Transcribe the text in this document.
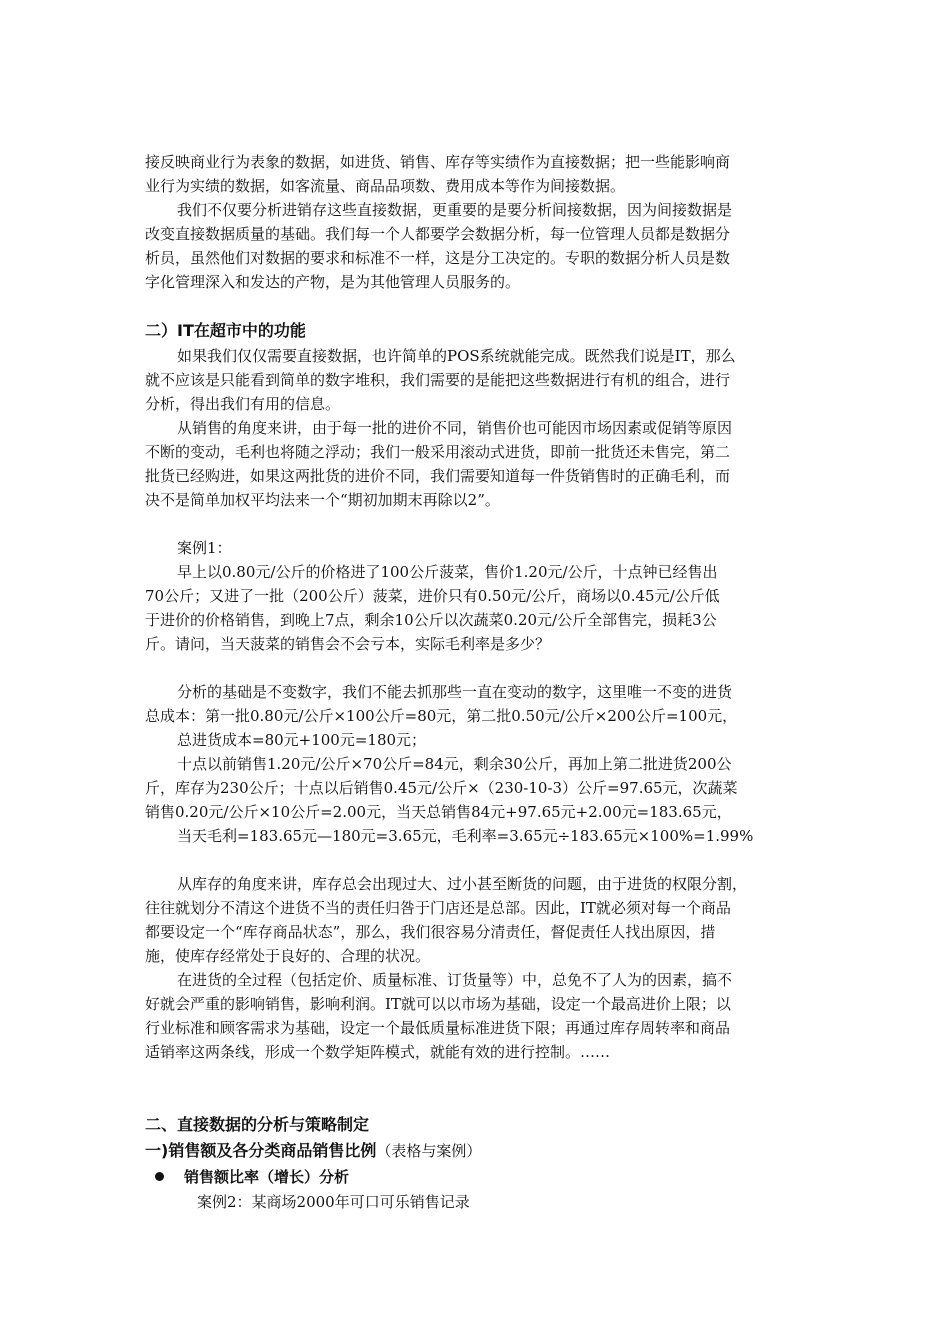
接反映商业行为表象的数据，如进货、销售、库存等实绩作为直接数据；把一些能影响商
业行为实绩的数据，如客流量、商品品项数、费用成本等作为间接数据。
我们不仅要分析进销存这些直接数据，更重要的是要分析间接数据，因为间接数据是
改变直接数据质量的基础。我们每一个人都要学会数据分析，每一位管理人员都是数据分
析员，虽然他们对数据的要求和标准不一样，这是分工决定的。专职的数据分析人员是数
字化管理深入和发达的产物，是为其他管理人员服务的。
二）IT在超市中的功能
如果我们仅仅需要直接数据，也许简单的POS系统就能完成。既然我们说是IT，那么
就不应该是只能看到简单的数字堆积，我们需要的是能把这些数据进行有机的组合，进行
分析，得出我们有用的信息。
从销售的角度来讲，由于每一批的进价不同，销售价也可能因市场因素或促销等原因
不断的变动，毛利也将随之浮动；我们一般采用滚动式进货，即前一批货还未售完，第二
批货已经购进，如果这两批货的进价不同，我们需要知道每一件货销售时的正确毛利，而
决不是简单加权平均法来一个“期初加期末再除以2”。
案例1：
早上以0.80元/公斤的价格进了100公斤菠菜，售价1.20元/公斤，十点钟已经售出
70公斤；又进了一批（200公斤）菠菜，进价只有0.50元/公斤，商场以0.45元/公斤低
于进价的价格销售，到晚上7点，剩余10公斤以次蔬菜0.20元/公斤全部售完，损耗3公
斤。请问，当天菠菜的销售会不会亏本，实际毛利率是多少？
分析的基础是不变数字，我们不能去抓那些一直在变动的数字，这里唯一不变的进货
总成本：第一批0.80元/公斤×100公斤=80元，第二批0.50元/公斤×200公斤=100元，
总进货成本=80元+100元=180元；
十点以前销售1.20元/公斤×70公斤=84元，剩余30公斤，再加上第二批进货200公
斤，库存为230公斤；十点以后销售0.45元/公斤×（230-10-3）公斤=97.65元，次蔬菜
销售0.20元/公斤×10公斤=2.00元，当天总销售84元+97.65元+2.00元=183.65元，
当天毛利=183.65元—180元=3.65元，毛利率=3.65元÷183.65元×100%=1.99%
从库存的角度来讲，库存总会出现过大、过小甚至断货的问题，由于进货的权限分割，
往往就划分不清这个进货不当的责任归咎于门店还是总部。因此，IT就必须对每一个商品
都要设定一个“库存商品状态”，那么，我们很容易分清责任，督促责任人找出原因，措
施，使库存经常处于良好的、合理的状况。
在进货的全过程（包括定价、质量标准、订货量等）中，总免不了人为的因素，搞不
好就会严重的影响销售，影响利润。IT就可以以市场为基础，设定一个最高进价上限；以
行业标准和顾客需求为基础，设定一个最低质量标准进货下限；再通过库存周转率和商品
适销率这两条线，形成一个数学矩阵模式，就能有效的进行控制。……
二、直接数据的分析与策略制定
一)销售额及各分类商品销售比例（表格与案例）
销售额比率（增长）分析
案例2：某商场2000年可口可乐销售记录
